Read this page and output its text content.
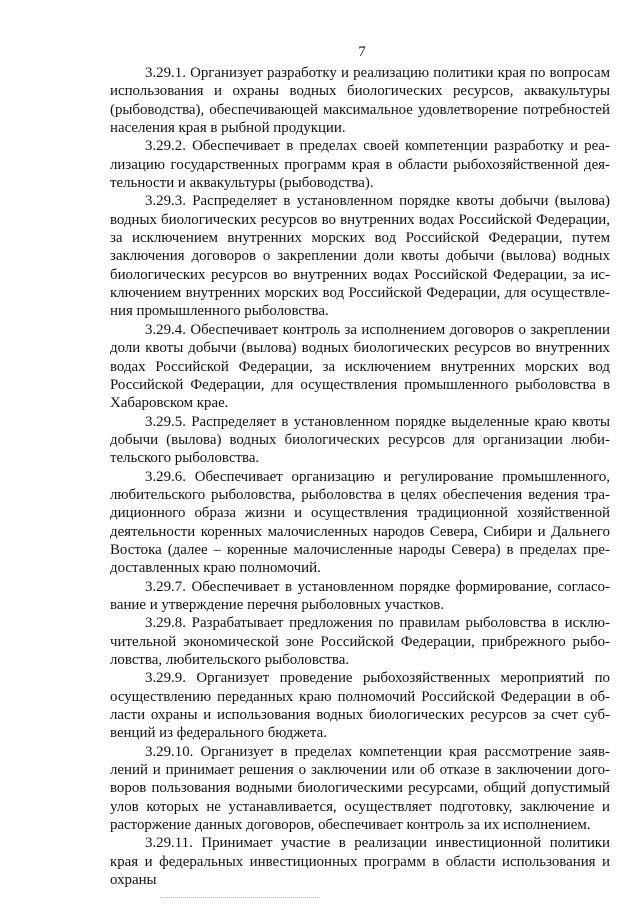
7

3.29.1. Организует разработку и реализацию политики края по вопросам использования и охраны водных биологических ресурсов, аквакультуры (рыбоводства), обеспечивающей максимальное удовлетворение потребностей населения края в рыбной продукции.

3.29.2. Обеспечивает в пределах своей компетенции разработку и реализацию государственных программ края в области рыбохозяйственной деятельности и аквакультуры (рыбоводства).

3.29.3. Распределяет в установленном порядке квоты добычи (вылова) водных биологических ресурсов во внутренних водах Российской Федерации, за исключением внутренних морских вод Российской Федерации, путем заключения договоров о закреплении доли квоты добычи (вылова) водных биологических ресурсов во внутренних водах Российской Федерации, за исключением внутренних морских вод Российской Федерации, для осуществления промышленного рыболовства.

3.29.4. Обеспечивает контроль за исполнением договоров о закреплении доли квоты добычи (вылова) водных биологических ресурсов во внутренних водах Российской Федерации, за исключением внутренних морских вод Российской Федерации, для осуществления промышленного рыболовства в Хабаровском крае.

3.29.5. Распределяет в установленном порядке выделенные краю квоты добычи (вылова) водных биологических ресурсов для организации любительского рыболовства.

3.29.6. Обеспечивает организацию и регулирование промышленного, любительского рыболовства, рыболовства в целях обеспечения ведения традиционного образа жизни и осуществления традиционной хозяйственной деятельности коренных малочисленных народов Севера, Сибири и Дальнего Востока (далее – коренные малочисленные народы Севера) в пределах предоставленных краю полномочий.

3.29.7. Обеспечивает в установленном порядке формирование, согласование и утверждение перечня рыболовных участков.

3.29.8. Разрабатывает предложения по правилам рыболовства в исключительной экономической зоне Российской Федерации, прибрежного рыболовства, любительского рыболовства.

3.29.9. Организует проведение рыбохозяйственных мероприятий по осуществлению переданных краю полномочий Российской Федерации в области охраны и использования водных биологических ресурсов за счет субвенций из федерального бюджета.

3.29.10. Организует в пределах компетенции края рассмотрение заявлений и принимает решения о заключении или об отказе в заключении договоров пользования водными биологическими ресурсами, общий допустимый улов которых не устанавливается, осуществляет подготовку, заключение и расторжение данных договоров, обеспечивает контроль за их исполнением.

3.29.11. Принимает участие в реализации инвестиционной политики края и федеральных инвестиционных программ в области использования и охраны
